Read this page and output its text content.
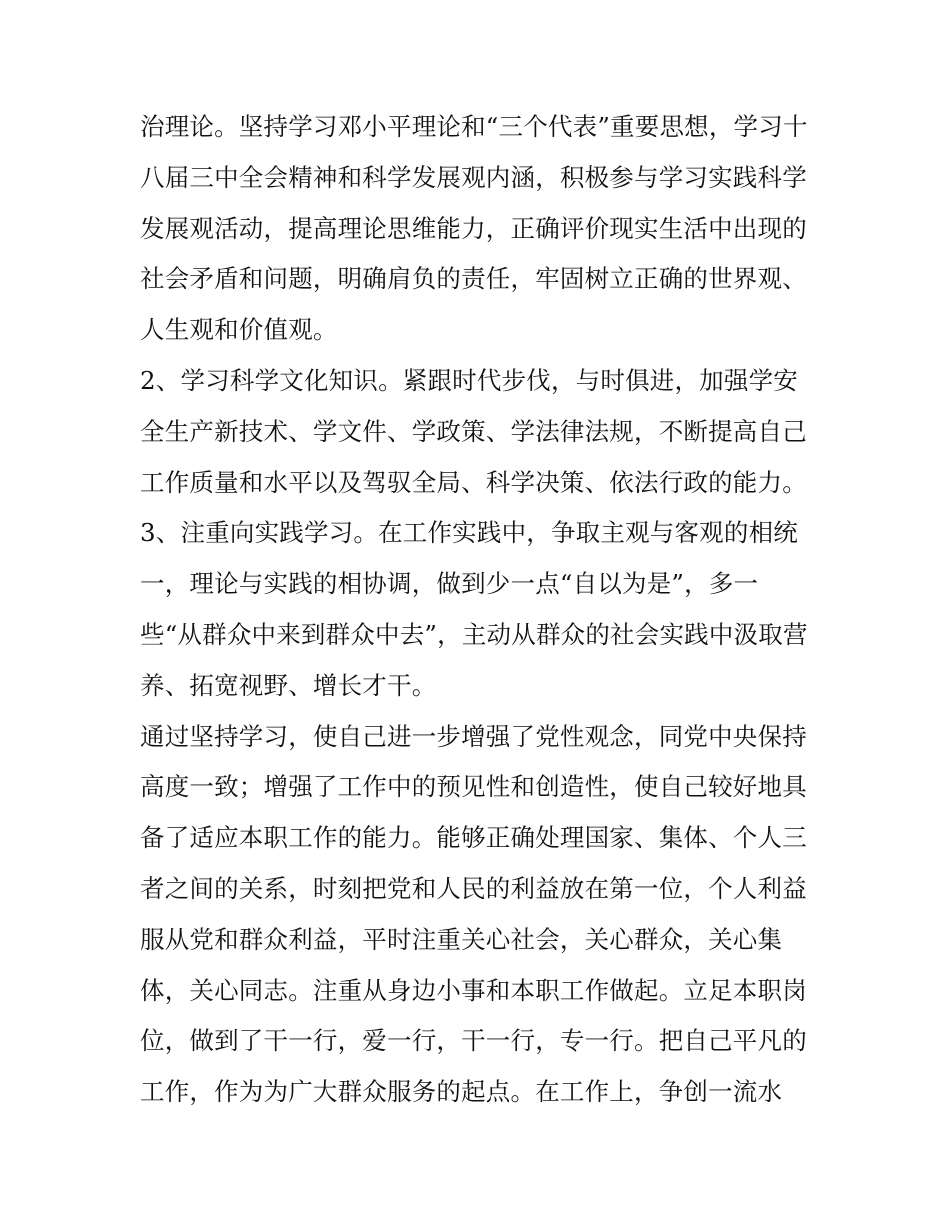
治理论。坚持学习邓小平理论和“三个代表”重要思想，学习十
八届三中全会精神和科学发展观内涵，积极参与学习实践科学
发展观活动，提高理论思维能力，正确评价现实生活中出现的
社会矛盾和问题，明确肩负的责任，牢固树立正确的世界观、
人生观和价值观。
2、学习科学文化知识。紧跟时代步伐，与时俱进，加强学安
全生产新技术、学文件、学政策、学法律法规，不断提高自己
工作质量和水平以及驾驭全局、科学决策、依法行政的能力。
3、注重向实践学习。在工作实践中，争取主观与客观的相统
一，理论与实践的相协调，做到少一点“自以为是”，多一
些“从群众中来到群众中去”，主动从群众的社会实践中汲取营
养、拓宽视野、增长才干。
通过坚持学习，使自己进一步增强了党性观念，同党中央保持
高度一致；增强了工作中的预见性和创造性，使自己较好地具
备了适应本职工作的能力。能够正确处理国家、集体、个人三
者之间的关系，时刻把党和人民的利益放在第一位，个人利益
服从党和群众利益，平时注重关心社会，关心群众，关心集
体，关心同志。注重从身边小事和本职工作做起。立足本职岗
位，做到了干一行，爱一行，干一行，专一行。把自己平凡的
工作，作为为广大群众服务的起点。在工作上，争创一流水
